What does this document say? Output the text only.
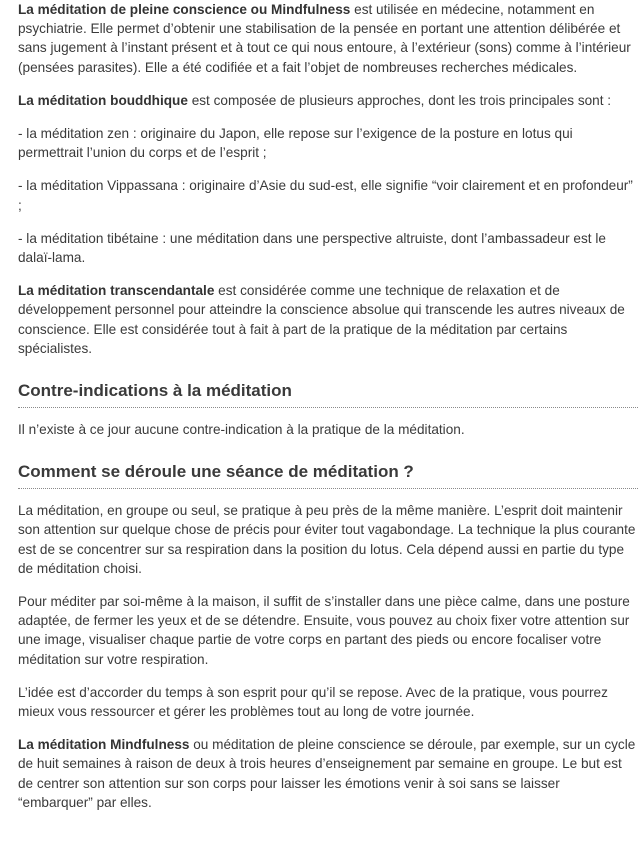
La méditation de pleine conscience ou Mindfulness est utilisée en médecine, notamment en psychiatrie. Elle permet d’obtenir une stabilisation de la pensée en portant une attention délibérée et sans jugement à l’instant présent et à tout ce qui nous entoure, à l’extérieur (sons) comme à l’intérieur (pensées parasites). Elle a été codifiée et a fait l’objet de nombreuses recherches médicales.

La méditation bouddhique est composée de plusieurs approches, dont les trois principales sont :

- la méditation zen : originaire du Japon, elle repose sur l’exigence de la posture en lotus qui permettrait l’union du corps et de l’esprit ;

- la méditation Vippassana : originaire d’Asie du sud-est, elle signifie “voir clairement et en profondeur” ;

- la méditation tibétaine : une méditation dans une perspective altruiste, dont l’ambassadeur est le dalaï-lama.

La méditation transcendantale est considérée comme une technique de relaxation et de développement personnel pour atteindre la conscience absolue qui transcende les autres niveaux de conscience. Elle est considérée tout à fait à part de la pratique de la méditation par certains spécialistes.

Contre-indications à la méditation

Il n’existe à ce jour aucune contre-indication à la pratique de la méditation.

Comment se déroule une séance de méditation ?

La méditation, en groupe ou seul, se pratique à peu près de la même manière. L’esprit doit maintenir son attention sur quelque chose de précis pour éviter tout vagabondage. La technique la plus courante est de se concentrer sur sa respiration dans la position du lotus. Cela dépend aussi en partie du type de méditation choisi.

Pour méditer par soi-même à la maison, il suffit de s’installer dans une pièce calme, dans une posture adaptée, de fermer les yeux et de se détendre. Ensuite, vous pouvez au choix fixer votre attention sur une image, visualiser chaque partie de votre corps en partant des pieds ou encore focaliser votre méditation sur votre respiration.

L’idée est d’accorder du temps à son esprit pour qu’il se repose. Avec de la pratique, vous pourrez mieux vous ressourcer et gérer les problèmes tout au long de votre journée.

La méditation Mindfulness ou méditation de pleine conscience se déroule, par exemple, sur un cycle de huit semaines à raison de deux à trois heures d’enseignement par semaine en groupe. Le but est de centrer son attention sur son corps pour laisser les émotions venir à soi sans se laisser “embarquer” par elles.
